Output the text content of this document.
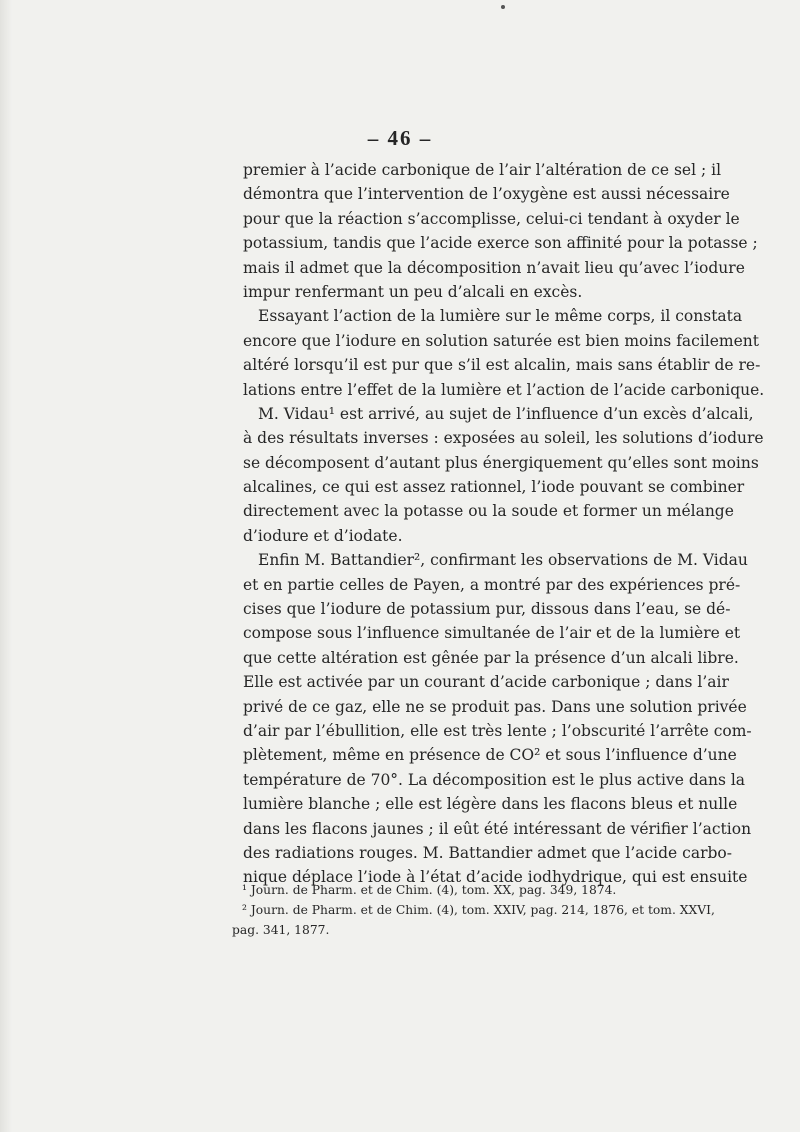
– 46 –
premier à l’acide carbonique de l’air l’altération de ce sel ; il
démontra que l’intervention de l’oxygène est aussi nécessaire
pour que la réaction s’accomplisse, celui-ci tendant à oxyder le
potassium, tandis que l’acide exerce son affinité pour la potasse ;
mais il admet que la décomposition n’avait lieu qu’avec l’iodure
impur renfermant un peu d’alcali en excès.
Essayant l’action de la lumière sur le même corps, il constata
encore que l’iodure en solution saturée est bien moins facilement
altéré lorsqu’il est pur que s’il est alcalin, mais sans établir de re-
lations entre l’effet de la lumière et l’action de l’acide carbonique.
M. Vidau¹ est arrivé, au sujet de l’influence d’un excès d’alcali,
à des résultats inverses : exposées au soleil, les solutions d’iodure
se décomposent d’autant plus énergiquement qu’elles sont moins
alcalines, ce qui est assez rationnel, l’iode pouvant se combiner
directement avec la potasse ou la soude et former un mélange
d’iodure et d’iodate.
Enfin M. Battandier², confirmant les observations de M. Vidau
et en partie celles de Payen, a montré par des expériences pré-
cises que l’iodure de potassium pur, dissous dans l’eau, se dé-
compose sous l’influence simultanée de l’air et de la lumière et
que cette altération est gênée par la présence d’un alcali libre.
Elle est activée par un courant d’acide carbonique ; dans l’air
privé de ce gaz, elle ne se produit pas. Dans une solution privée
d’air par l’ébullition, elle est très lente ; l’obscurité l’arrête com-
plètement, même en présence de CO² et sous l’influence d’une
température de 70°. La décomposition est le plus active dans la
lumière blanche ; elle est légère dans les flacons bleus et nulle
dans les flacons jaunes ; il eût été intéressant de vérifier l’action
des radiations rouges. M. Battandier admet que l’acide carbo-
nique déplace l’iode à l’état d’acide iodhydrique, qui est ensuite
¹ Journ. de Pharm. et de Chim. (4), tom. XX, pag. 349, 1874.
² Journ. de Pharm. et de Chim. (4), tom. XXIV, pag. 214, 1876, et tom. XXVI,
pag. 341, 1877.
